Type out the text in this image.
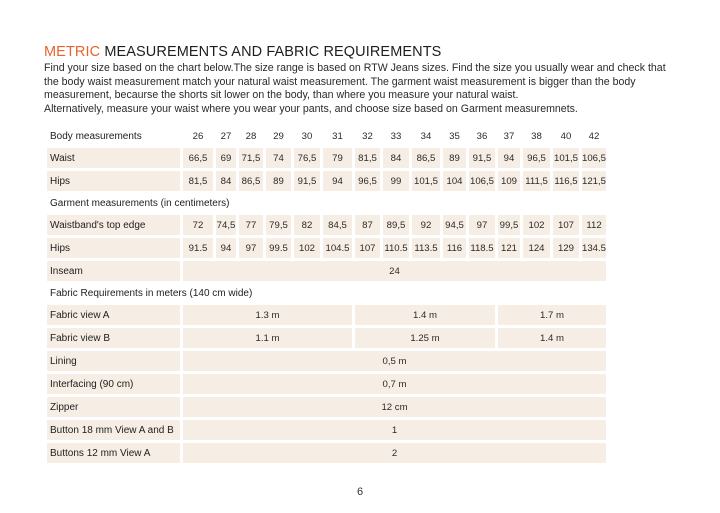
METRIC MEASUREMENTS AND FABRIC REQUIREMENTS

Find your size based on the chart below.The size range is based on RTW Jeans sizes. Find the size you usually wear and check that

the body waist measurement match your natural waist measurement. The garment waist measurement is bigger than the body

measurement, becaurse the shorts sit lower on the body, than where you measure your natural waist.

Alternatively, measure your waist where you wear your pants, and choose size based on Garment measuremnets.

Body measurements	26	27	28	29	30	31	32	33	34	35	36	37	38	40	42
Waist	66,5	69	71,5	74	76,5	79	81,5	84	86,5	89	91,5	94	96,5	101,5	106,5
Hips	81,5	84	86,5	89	91,5	94	96,5	99	101,5	104	106,5	109	111,5	116,5	121,5
Garment measurements (in centimeters)															
Waistband's top edge	72	74,5	77	79,5	82	84,5	87	89,5	92	94,5	97	99,5	102	107	112
Hips	91.5	94	97	99.5	102	104.5	107	110.5	113.5	116	118.5	121	124	129	134.5
Inseam	24														
Fabric Requirements in meters (140 cm wide)															
Fabric view A	1.3 m						1.4 m					1.7 m			
Fabric view B	1.1 m						1.25 m					1.4 m			
Lining	0,5 m														
Interfacing (90 cm)	0,7 m														
Zipper	12 cm														
Button 18 mm View A and B	1														
Buttons 12 mm View A	2														
6
